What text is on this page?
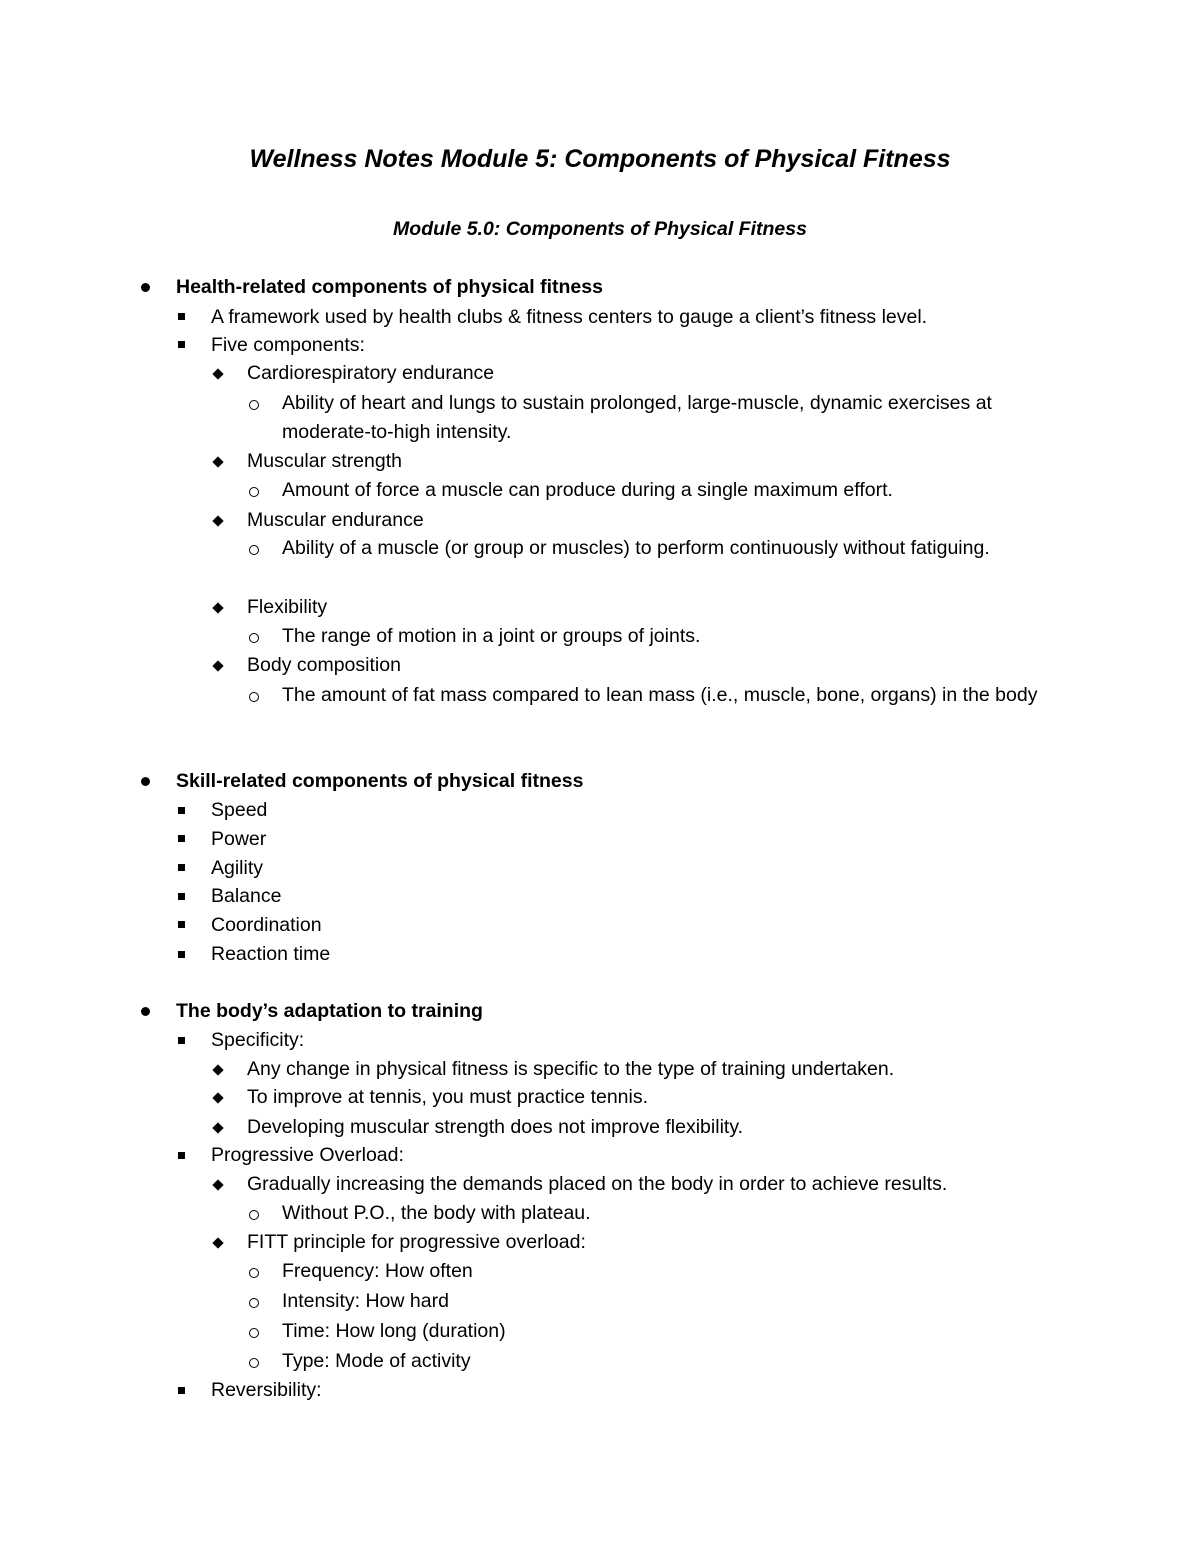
Wellness Notes Module 5: Components of Physical Fitness
Module 5.0: Components of Physical Fitness
Health-related components of physical fitness
A framework used by health clubs & fitness centers to gauge a client’s fitness level.
Five components:
Cardiorespiratory endurance
Ability of heart and lungs to sustain prolonged, large-muscle, dynamic exercises at moderate-to-high intensity.
Muscular strength
Amount of force a muscle can produce during a single maximum effort.
Muscular endurance
Ability of a muscle (or group or muscles) to perform continuously without fatiguing.
Flexibility
The range of motion in a joint or groups of joints.
Body composition
The amount of fat mass compared to lean mass (i.e., muscle, bone, organs) in the body
Skill-related components of physical fitness
Speed
Power
Agility
Balance
Coordination
Reaction time
The body’s adaptation to training
Specificity:
Any change in physical fitness is specific to the type of training undertaken.
To improve at tennis, you must practice tennis.
Developing muscular strength does not improve flexibility.
Progressive Overload:
Gradually increasing the demands placed on the body in order to achieve results.
Without P.O., the body with plateau.
FITT principle for progressive overload:
Frequency: How often
Intensity: How hard
Time: How long (duration)
Type: Mode of activity
Reversibility:
